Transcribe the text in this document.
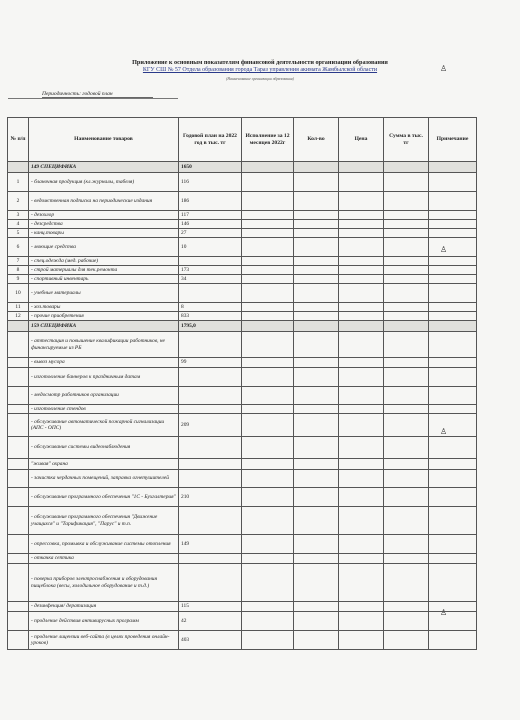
Приложение к основным показателям финансовой деятельности организации образования
КГУ СШ № 57 Отдела образования города Тараз управления акимата Жамбылской области
(Наименование организации образования)
Периодичность: годовой план
♙
♙
♙
♙
№ п/п	Наименование товаров	Годовой план на 2022 год в тыс. тг	Исполнение за 12 месяцев 2022г	Кол-во	Цена	Сумма в тыс. тг	Примечание
	149 СПЕЦИФИКА	1650					
1	- бланочная продукция (кл.журналы, табеля)	116					
2	- ведомственная подписка на периодические издания	186					
3	- дезохлор	117					
4	- дезсредства	146					
5	- канц.товары	27					
6	- моющие средства	10					
7	- спец.одежда (мед. рабочие)						
8	- строй материалы для тек.ремонта	173					
9	- спортивный инвентарь	34					
10	- учебные материалы						
11	- хоз.товары	8					
12	- прочие приобретения	833					
	159 СПЕЦИФИКА	1795,0					
	- аттестация и повышение квалификации работников, не финансируемые из РБ						
	- вывоз мусора	99					
	- изготовление баннеров к праздничным датам						
	- медосмотр работников организации						
	- изготовление стендов						
	- обслуживание автоматической пожарной сигнализации (АПС - ОПС)	209					
	- обслуживание системы видеонаблюдения						
	"живая" охрана						
	- зачистка чердачных помещений, заправка огнетушителей						
	- обслуживание программного обеспечения "1С - Бухгалтерия"	210					
	- обслуживание программного обеспечения "Движение учащихся" и "Тарификация", "Парус" и т.п.						
	- опрессовка, промывка и обслуживание системы отопления	149					
	- откачка септика						
	- поверка приборов электроснабжения и оборудования пищеблока (весы, холодильное оборудование и т.д.)						
	- дезинфекция/ дератизация	115					
	- продление действия антивирусных программ	42					
	- продление лицензии веб-сайта (в целях проведения онлайн-уроков)	403					
